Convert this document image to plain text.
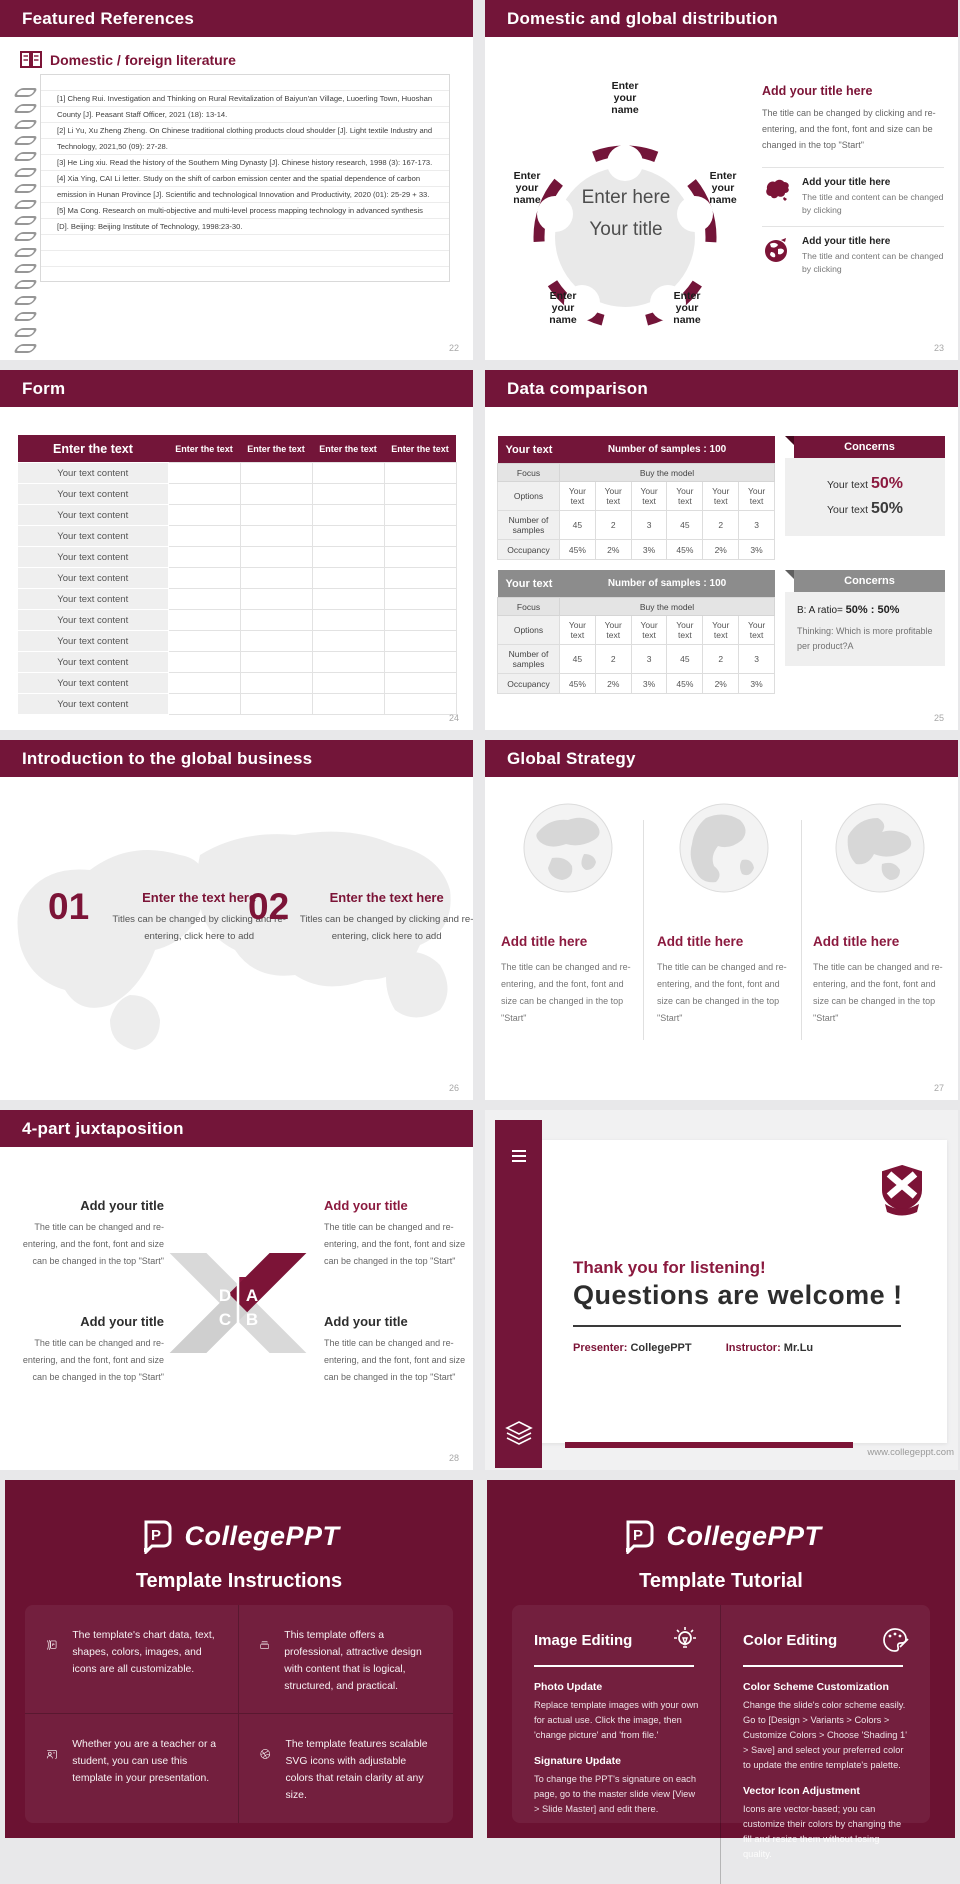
Featured References
Domestic / foreign literature

[1] Cheng Rui. Investigation and Thinking on Rural Revitalization of Baiyun'an Village, Luoerling Town, Huoshan County [J]. Peasant Staff Officer, 2021 (18): 13-14.

[2] Li Yu, Xu Zheng Zheng. On Chinese traditional clothing products cloud shoulder [J]. Light textile Industry and Technology, 2021,50 (09): 27-28.

[3] He Ling xiu. Read the history of the Southern Ming Dynasty [J]. Chinese history research, 1998 (3): 167-173.

[4] Xia Ying, CAI Li letter. Study on the shift of carbon emission center and the spatial dependence of carbon emission in Hunan Province [J]. Scientific and technological Innovation and Productivity, 2020 (01): 25-29 + 33.

[5] Ma Cong. Research on multi-objective and multi-level process mapping technology in advanced synthesis [D]. Beijing: Beijing Institute of Technology, 1998:23-30.

22
Domestic and global distribution
Enter your name
Enter your name
Enter your name
Enter your name
Enter your name
Enter here
Your title

Add your title here

The title can be changed by clicking and re-entering, and the font, font and size can be changed in the top "Start"

Add your title here

The title and content can be changed by clicking

Add your title here

The title and content can be changed by clicking

23
Form
Enter the text	Enter the text	Enter the text	Enter the text	Enter the text
Your text content				
Your text content				
Your text content				
Your text content				
Your text content				
Your text content				
Your text content				
Your text content				
Your text content				
Your text content				
Your text content				
Your text content				
24
Data comparison
Your text	Number of samples : 100					
Focus	Buy the model					
Options	Your text	Your text	Your text	Your text	Your text	Your text
Number of samples	45	2	3	45	2	3
Occupancy	45%	2%	3%	45%	2%	3%
Your text	Number of samples : 100					
Focus	Buy the model					
Options	Your text	Your text	Your text	Your text	Your text	Your text
Number of samples	45	2	3	45	2	3
Occupancy	45%	2%	3%	45%	2%	3%
Concerns
Your text 50%
Your text 50%
Concerns

B: A ratio= 50% : 50%

Thinking: Which is more profitable per product?A

25
Introduction to the global business
01	Enter the text here

Titles can be changed by clicking and re-entering, click here to add

02	Enter the text here

Titles can be changed by clicking and re-entering, click here to add

26
Global Strategy
Add title here

The title can be changed and re-entering, and the font, font and size can be changed in the top "Start"

Add title here

The title can be changed and re-entering, and the font, font and size can be changed in the top "Start"

Add title here

The title can be changed and re-entering, and the font, font and size can be changed in the top "Start"

27
4-part juxtaposition
D A
C B
Add your title

The title can be changed and re-entering, and the font, font and size can be changed in the top "Start"

Add your title

The title can be changed and re-entering, and the font, font and size can be changed in the top "Start"

Add your title

The title can be changed and re-entering, and the font, font and size can be changed in the top "Start"

Add your title

The title can be changed and re-entering, and the font, font and size can be changed in the top "Start"

28
Thank you for listening!
Questions are welcome !
Presenter: CollegePPT	Instructor: Mr.Lu
www.collegeppt.com
P CollegePPT
Template Instructions
P

The template's chart data, text, shapes, colors, images, and icons are all customizable.

This template offers a professional, attractive design with content that is logical, structured, and practical.

Whether you are a teacher or a student, you can use this template in your presentation.

The template features scalable SVG icons with adjustable colors that retain clarity at any size.

P CollegePPT
Template Tutorial
Image Editing
Photo Update

Replace template images with your own for actual use. Click the image, then 'change picture' and 'from file.'

Signature Update

To change the PPT's signature on each page, go to the master slide view [View > Slide Master] and edit there.

Color Editing
Color Scheme Customization

Change the slide's color scheme easily. Go to [Design > Variants > Colors > Customize Colors > Choose 'Shading 1' > Save] and select your preferred color to update the entire template's palette.

Vector Icon Adjustment

Icons are vector-based; you can customize their colors by changing the fill and resize them without losing quality.
